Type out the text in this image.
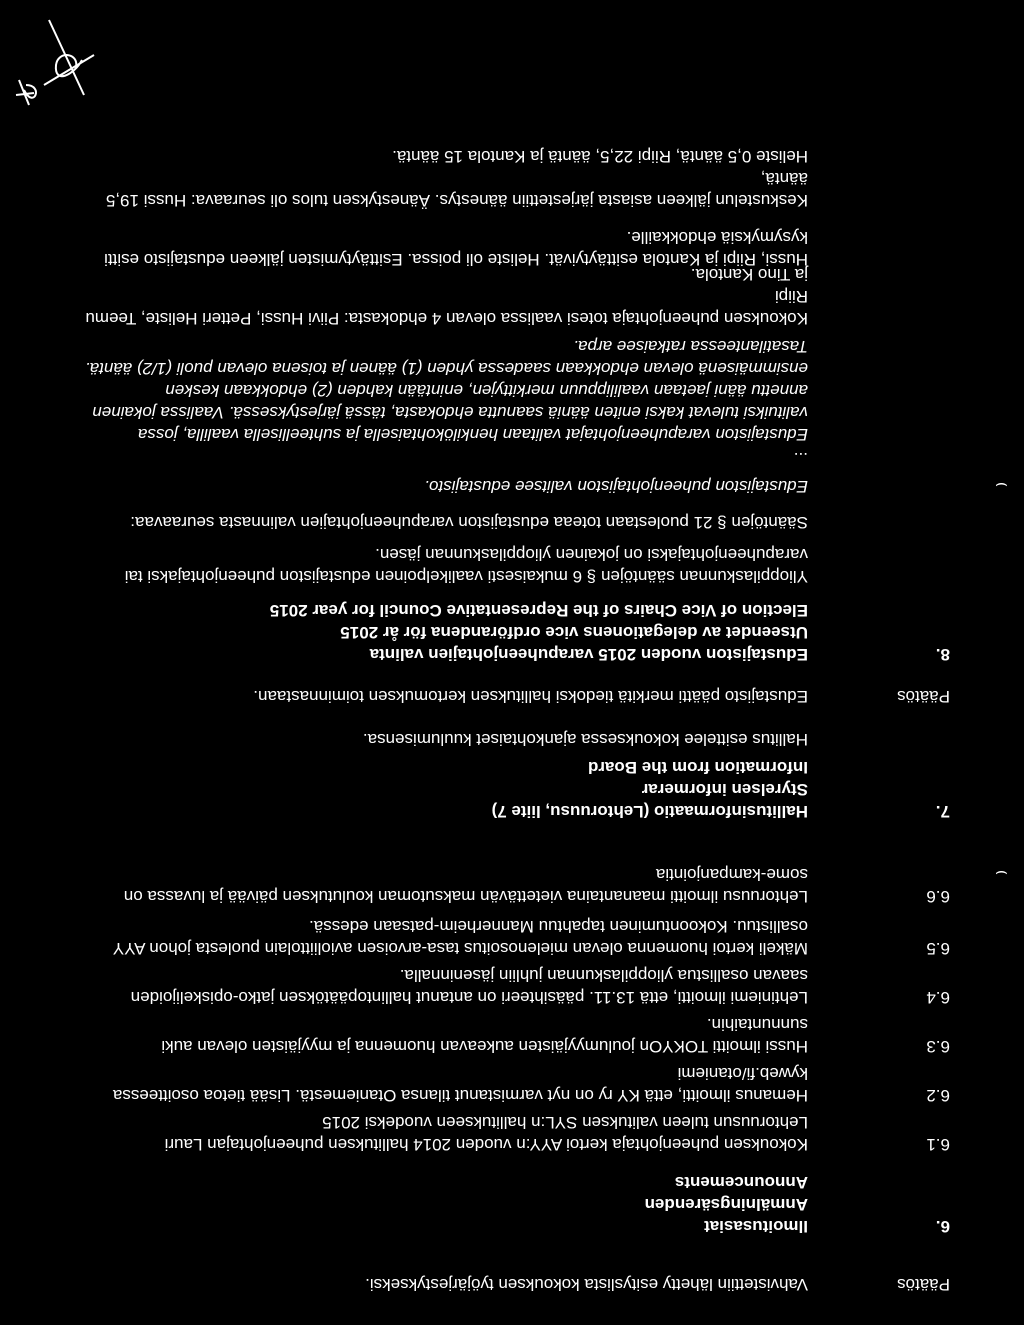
Päätös
Vahvistettiin lähetty esityslista kokouksen työjärjestykseksi.
6.
Ilmoitusasiat
Anmälningsärenden
Announcements
6.1
Kokouksen puheenjohtaja kertoi AYY:n vuoden 2014 hallituksen puheenjohtajan Lauri
Lehtoruusun tuleen valituksen SYL:n hallitukseen vuodeksi 2015
6.2
Hemanus ilmoitti, että KY ry on nyt varmistanut tilansa Otaniemestä. Lisää tietoa osoitteessa
kyweb.fi/otaniemi
6.3
Hussi ilmoitti TOKYOn joulumyyjäisten aukeavan huomenna ja myyjäisten olevan auki
sunnuntaihin.
6.4
Lehtiniemi ilmoitti, että 13.11. pääsihteeri on antanut hallintopäätöksen jatko-opiskelijoiden
saavan osallistua ylioppilaskunnan juhliin jäseninnalla.
6.5
Mäkeli kertoi huomenna olevan mielenosoitus tasa-arvoisen avioliittolain puolesta johon AYY
osallistuu. Kokoontuminen tapahtuu Mannerheim-patsaan edessä.
6.6
Lehtoruusu ilmoitti maanantaina vietettävän maksutoman koulutuksen päivää ja luvassa on
some-kampanjointia	⌣
7.
Hallitusinformaatio (Lehtoruusu, liite 7)
Styrelsen informerar
Information from the Board
Hallitus esittelee kokouksessa ajankohtaiset kuulumisensa.
Päätös
Edustajisto päätti merkitä tiedoksi hallituksen kertomuksen toiminnastaan.
8.
Edustajiston vuoden 2015 varapuheenjohtajien valinta
Utseendet av delegationens vice ordförandena för år 2015
Election of Vice Chairs of the Representative Council for year 2015
Ylioppilaskunnan sääntöjen § 6 mukaisesti vaalikelpoinen edustajiston puheenjohtajaksi tai
varapuheenjohtajaksi on jokainen ylioppilaskunnan jäsen.
Sääntöjen § 21 puolestaan toteaa edustajiston varapuheenjohtajien valinnasta seuraavaa:
Edustajiston puheenjohtajiston valitsee edustajisto.	⌣
...
Edustajiston varapuheenjohtajat valitaan henkilökohtaisella ja suhteellisella vaalilla, jossa
valituiksi tulevat kaksi eniten ääniä saanutta ehdokasta, tässä järjestyksessä. Vaalissa jokainen
annettu ääni jaetaan vaalilippuun merkittyjen, enintään kahden (2) ehdokkaan kesken
ensimmäisenä olevan ehdokkaan saadessa yhden (1) äänen ja toisena olevan puoli (1/2) ääntä.
Tasatilanteessa ratkaisee arpa.
Kokouksen puheenjohtaja totesi vaalissa olevan 4 ehdokasta: Piivi Hussi, Petteri Heliste, Teemu Riipi
ja Tino Kantola.
Hussi, Riipi ja Kantola esittäytyivät. Heliste oli poissa. Esittäytymisten jälkeen edustajisto esitti
kysymyksiä ehdokkaille.
Keskustelun jälkeen asiasta järjestettiin äänestys. Äänestyksen tulos oli seuraava: Hussi 19,5 ääntä,
Heliste 0,5 ääntä, Riipi 22,5, ääntä ja Kantola 15 ääntä.
